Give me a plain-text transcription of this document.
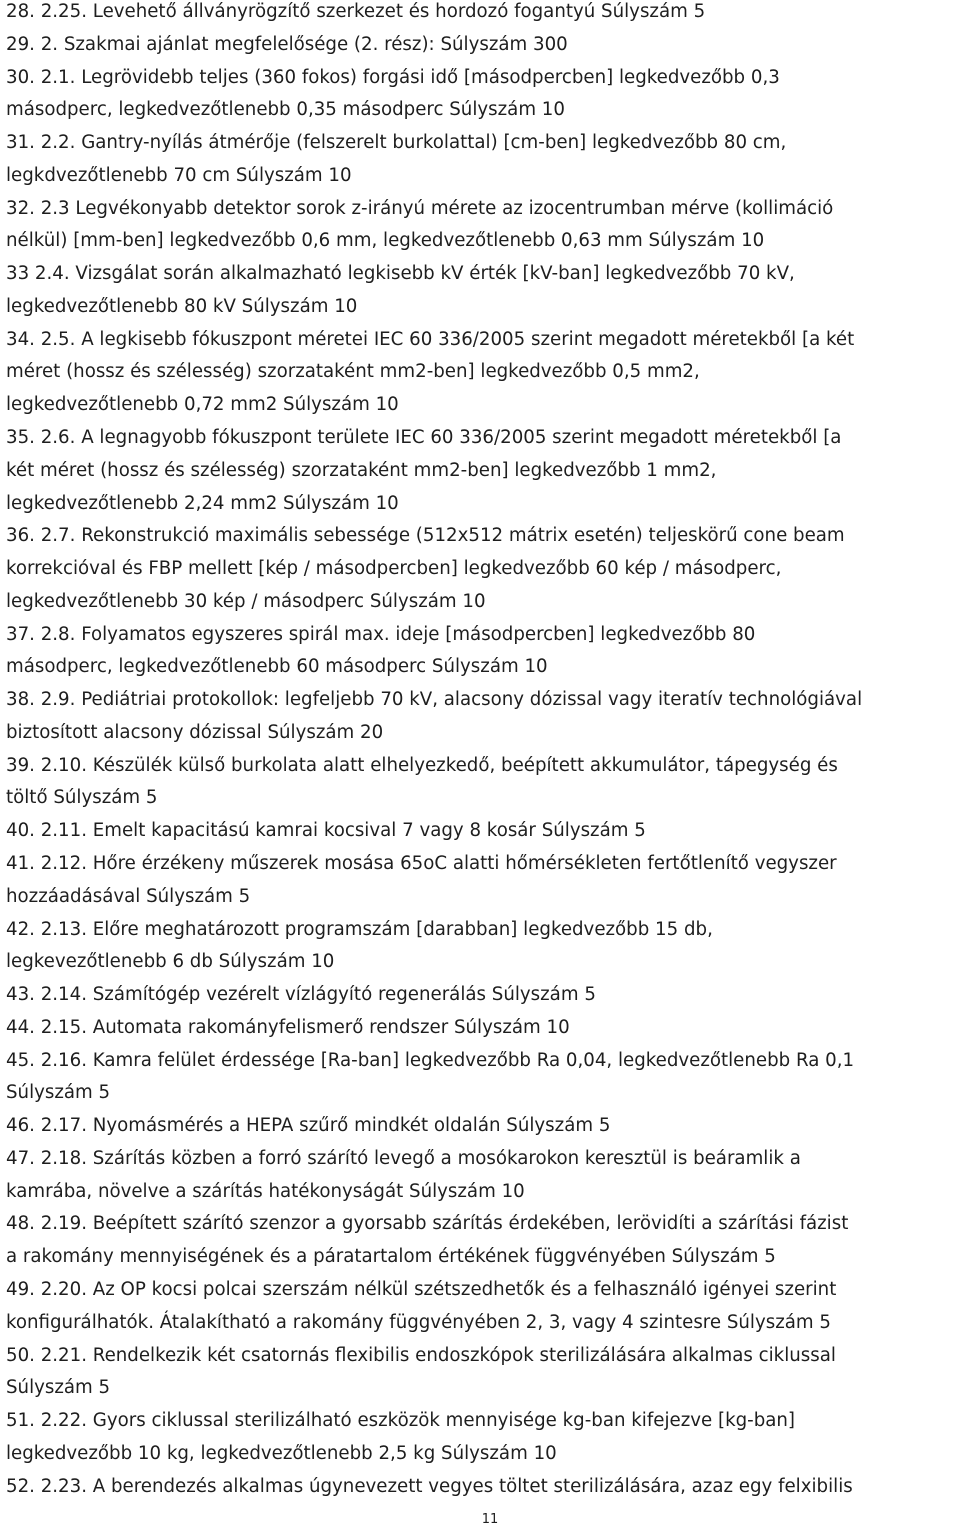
28. 2.25. Levehető állványrögzítő szerkezet és hordozó fogantyú Súlyszám 5
29. 2. Szakmai ajánlat megfelelősége (2. rész): Súlyszám 300
30. 2.1. Legrövidebb teljes (360 fokos) forgási idő [másodpercben] legkedvezőbb 0,3
másodperc, legkedvezőtlenebb 0,35 másodperc Súlyszám 10
31. 2.2. Gantry-nyílás átmérője (felszerelt burkolattal) [cm-ben] legkedvezőbb 80 cm,
legkdvezőtlenebb 70 cm Súlyszám 10
32. 2.3 Legvékonyabb detektor sorok z-irányú mérete az izocentrumban mérve (kollimáció
nélkül) [mm-ben] legkedvezőbb 0,6 mm, legkedvezőtlenebb 0,63 mm Súlyszám 10
33 2.4. Vizsgálat során alkalmazható legkisebb kV érték [kV-ban] legkedvezőbb 70 kV,
legkedvezőtlenebb 80 kV Súlyszám 10
34. 2.5. A legkisebb fókuszpont méretei IEC 60 336/2005 szerint megadott méretekből [a két
méret (hossz és szélesség) szorzataként mm2-ben] legkedvezőbb 0,5 mm2,
legkedvezőtlenebb 0,72 mm2 Súlyszám 10
35. 2.6. A legnagyobb fókuszpont területe IEC 60 336/2005 szerint megadott méretekből [a
két méret (hossz és szélesség) szorzataként mm2-ben] legkedvezőbb 1 mm2,
legkedvezőtlenebb 2,24 mm2 Súlyszám 10
36. 2.7. Rekonstrukció maximális sebessége (512x512 mátrix esetén) teljeskörű cone beam
korrekcióval és FBP mellett [kép / másodpercben] legkedvezőbb 60 kép / másodperc,
legkedvezőtlenebb 30 kép / másodperc Súlyszám 10
37. 2.8. Folyamatos egyszeres spirál max. ideje [másodpercben] legkedvezőbb 80
másodperc, legkedvezőtlenebb 60 másodperc Súlyszám 10
38. 2.9. Pediátriai protokollok: legfeljebb 70 kV, alacsony dózissal vagy iteratív technológiával
biztosított alacsony dózissal Súlyszám 20
39. 2.10. Készülék külső burkolata alatt elhelyezkedő, beépített akkumulátor, tápegység és
töltő Súlyszám 5
40. 2.11. Emelt kapacitású kamrai kocsival 7 vagy 8 kosár Súlyszám 5
41. 2.12. Hőre érzékeny műszerek mosása 65oC alatti hőmérsékleten fertőtlenítő vegyszer
hozzáadásával Súlyszám 5
42. 2.13. Előre meghatározott programszám [darabban] legkedvezőbb 15 db,
legkevezőtlenebb 6 db Súlyszám 10
43. 2.14. Számítógép vezérelt vízlágyító regenerálás Súlyszám 5
44. 2.15. Automata rakományfelismerő rendszer Súlyszám 10
45. 2.16. Kamra felület érdessége [Ra-ban] legkedvezőbb Ra 0,04, legkedvezőtlenebb Ra 0,1
Súlyszám 5
46. 2.17. Nyomásmérés a HEPA szűrő mindkét oldalán Súlyszám 5
47. 2.18. Szárítás közben a forró szárító levegő a mosókarokon keresztül is beáramlik a
kamrába, növelve a szárítás hatékonyságát Súlyszám 10
48. 2.19. Beépített szárító szenzor a gyorsabb szárítás érdekében, lerövidíti a szárítási fázist
a rakomány mennyiségének és a páratartalom értékének függvényében Súlyszám 5
49. 2.20. Az OP kocsi polcai szerszám nélkül szétszedhetők és a felhasználó igényei szerint
konfigurálhatók. Átalakítható a rakomány függvényében 2, 3, vagy 4 szintesre Súlyszám 5
50. 2.21. Rendelkezik két csatornás flexibilis endoszkópok sterilizálására alkalmas ciklussal
Súlyszám 5
51. 2.22. Gyors ciklussal sterilizálható eszközök mennyisége kg-ban kifejezve [kg-ban]
legkedvezőbb 10 kg, legkedvezőtlenebb 2,5 kg Súlyszám 10
52. 2.23. A berendezés alkalmas úgynevezett vegyes töltet sterilizálására, azaz egy felxibilis
11
